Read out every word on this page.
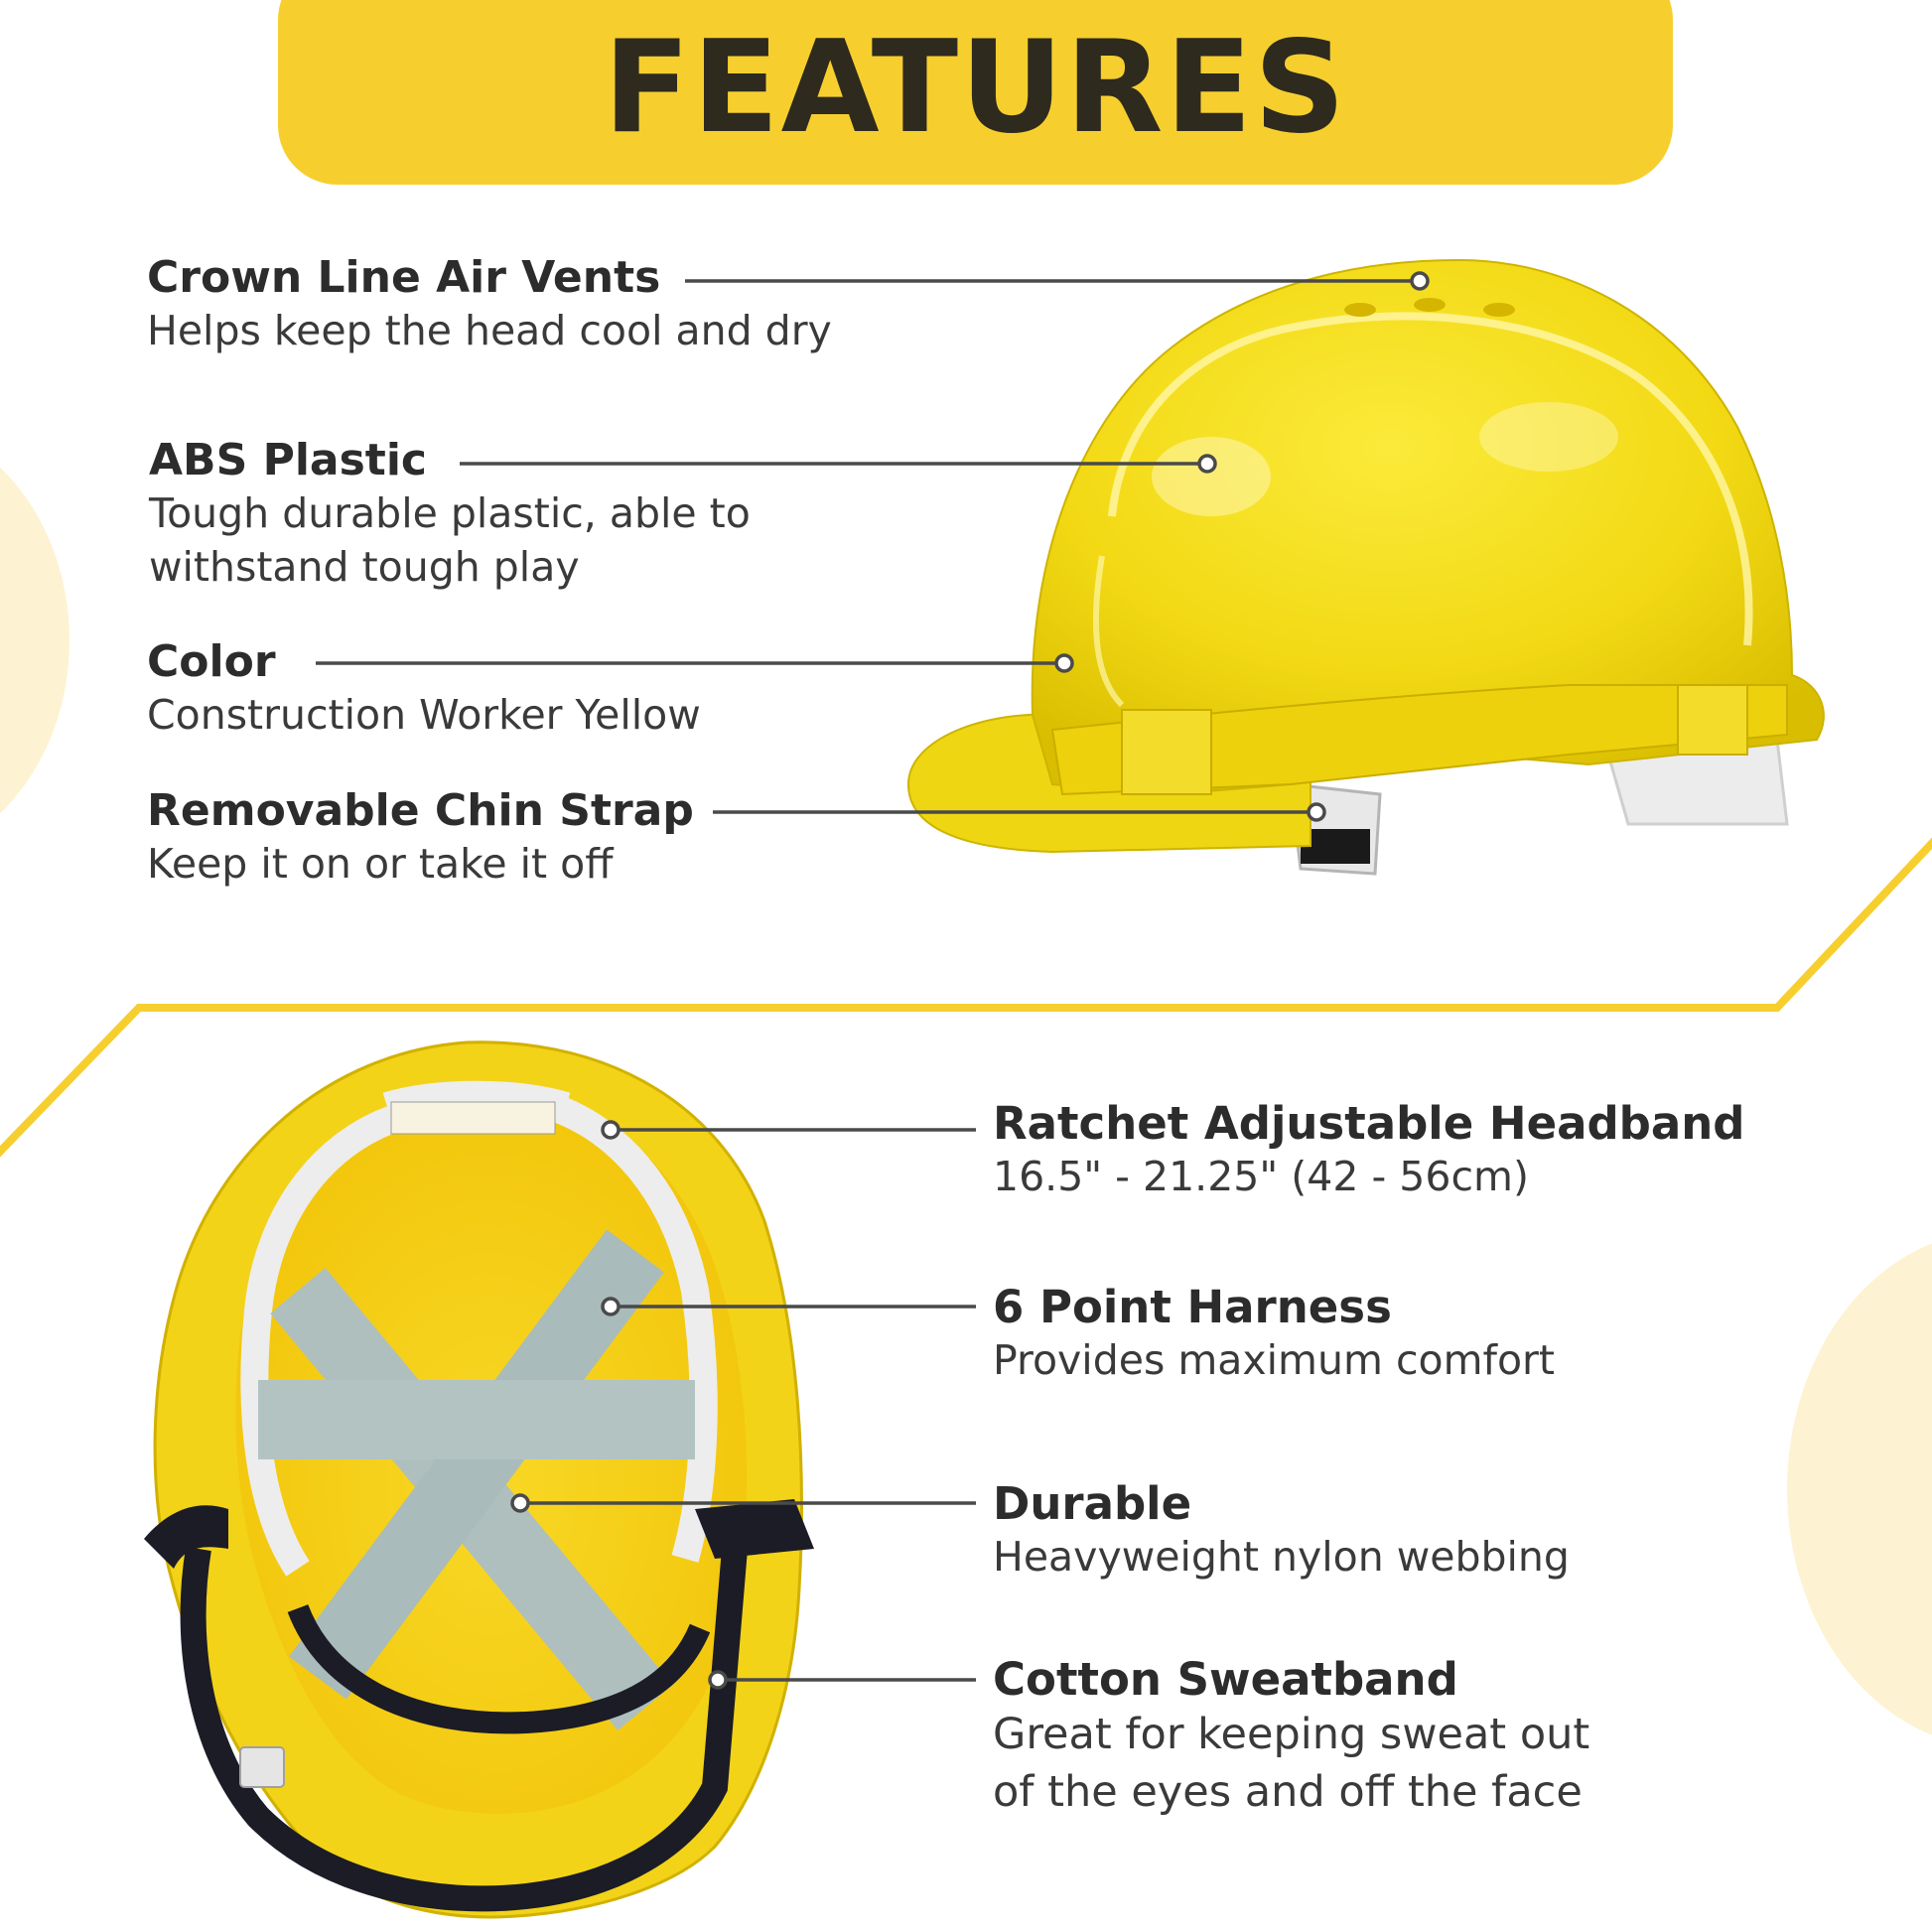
FEATURES
Crown Line Air Vents
Helps keep the head cool and dry
ABS Plastic
Tough durable plastic, able to
withstand tough play
Color
Construction Worker Yellow
Removable Chin Strap
Keep it on or take it off
Ratchet Adjustable Headband
16.5" - 21.25" (42 - 56cm)
6 Point Harness
Provides maximum comfort
Durable
Heavyweight nylon webbing
Cotton Sweatband
Great for keeping sweat out
of the eyes and off the face
